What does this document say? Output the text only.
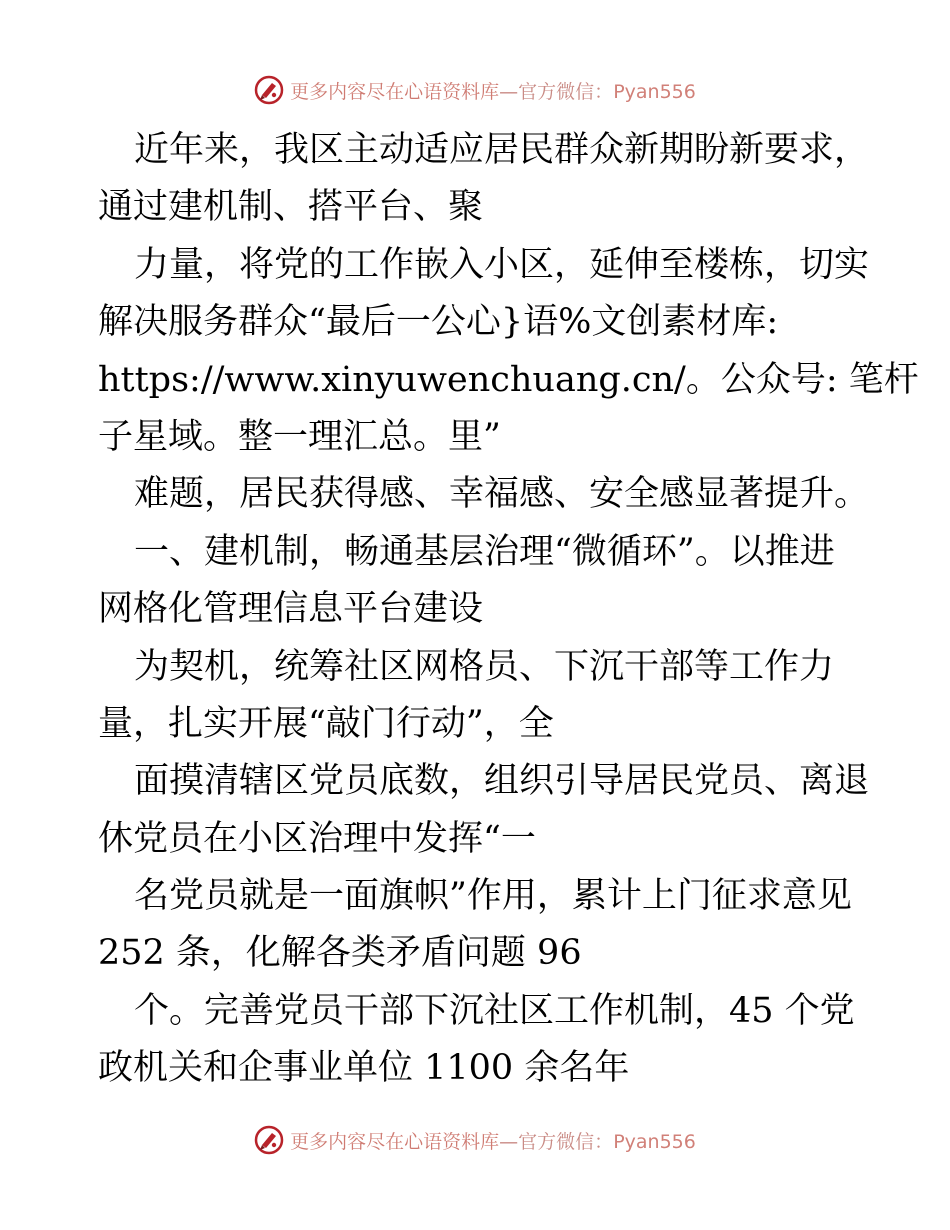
更多内容尽在心语资料库—官方微信：Pyan556
近年来，我区主动适应居民群众新期盼新要求，
通过建机制、搭平台、聚
力量，将党的工作嵌入小区，延伸至楼栋，切实
解决服务群众“最后一公心}语%文创素材库:
https://www.xinyuwenchuang.cn/。公众号: 笔杆
子星域。整一理汇总。里”
难题，居民获得感、幸福感、安全感显著提升。
一、建机制，畅通基层治理“微循环”。以推进
网格化管理信息平台建设
为契机，统筹社区网格员、下沉干部等工作力
量，扎实开展“敲门行动”，全
面摸清辖区党员底数，组织引导居民党员、离退
休党员在小区治理中发挥“一
名党员就是一面旗帜”作用，累计上门征求意见
252 条，化解各类矛盾问题 96
个。完善党员干部下沉社区工作机制，45 个党
政机关和企事业单位 1100 余名年
更多内容尽在心语资料库—官方微信：Pyan556
